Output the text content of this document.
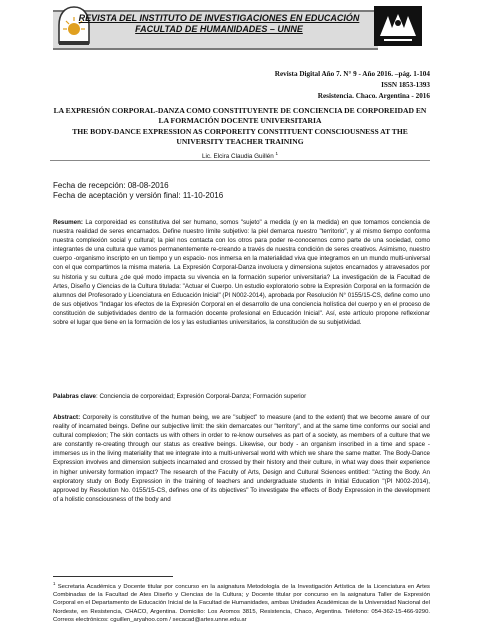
REVISTA DEL INSTITUTO DE INVESTIGACIONES EN EDUCACIÓN
FACULTAD DE HUMANIDADES – UNNE
Revista Digital Año 7. N° 9 - Año 2016. –pág. 1-104
ISSN 1853-1393
Resistencia. Chaco. Argentina - 2016
LA EXPRESIÓN CORPORAL-DANZA COMO CONSTITUYENTE DE CONCIENCIA DE CORPOREIDAD EN LA FORMACIÓN DOCENTE UNIVERSITARIA
THE BODY-DANCE EXPRESSION AS CORPOREITY CONSTITUENT CONSCIOUSNESS AT THE UNIVERSITY TEACHER TRAINING
Lic. Elcira Claudia Guillén $^1$
Fecha de recepción: 08-08-2016
Fecha de aceptación y versión final: 11-10-2016
Resumen: La corporeidad es constitutiva del ser humano, somos "sujeto" a medida (y en la medida) en que tomamos conciencia de nuestra realidad de seres encarnados. Define nuestro límite subjetivo: la piel demarca nuestro "territorio", y al mismo tiempo conforma nuestra complexión social y cultural; la piel nos contacta con los otros para poder re-conocernos como parte de una sociedad, como integrantes de una cultura que vamos permanentemente re-creando a través de nuestra condición de seres creativos. Asimismo, nuestro cuerpo -organismo inscripto en un tiempo y un espacio- nos inmersa en la materialidad viva que integramos en un mundo multi-universal con el que compartimos la misma materia. La Expresión Corporal-Danza involucra y dimensiona sujetos encarnados y atravesados por su historia y su cultura ¿de qué modo impacta su vivencia en la formación superior universitaria? La investigación de la Facultad de Artes, Diseño y Ciencias de la Cultura titulada: "Actuar el Cuerpo. Un estudio exploratorio sobre la Expresión Corporal en la formación de alumnos del Profesorado y Licenciatura en Educación Inicial" (PI N002-2014), aprobada por Resolución N° 0155/15-CS, define como uno de sus objetivos "Indagar los efectos de la Expresión Corporal en el desarrollo de una conciencia holística del cuerpo y en el proceso de constitución de subjetividades dentro de la formación docente profesional en Educación Inicial". Así, este artículo propone reflexionar sobre el lugar que tiene en la formación de los y las estudiantes universitarios, la constitución de su subjetividad.
Palabras clave: Conciencia de corporeidad; Expresión Corporal-Danza; Formación superior
Abstract: Corporeity is constitutive of the human being, we are "subject" to measure (and to the extent) that we become aware of our reality of incarnated beings. Define our subjective limit: the skin demarcates our "territory", and at the same time conforms our social and cultural complexion; The skin contacts us with others in order to re-know ourselves as part of a society, as members of a culture that we are constantly re-creating through our status as creative beings. Likewise, our body - an organism inscribed in a time and space - immerses us in the living materiality that we integrate into a multi-universal world with which we share the same matter. The Body-Dance Expression involves and dimension subjects incarnated and crossed by their history and their culture, in what way does their experience in higher university formation impact? The research of the Faculty of Arts, Design and Cultural Sciences entitled: "Acting the Body. An exploratory study on Body Expression in the training of teachers and undergraduate students in Initial Education "(PI N002-2014), approved by Resolution No. 0155/15-CS, defines one of its objectives" To investigate the effects of Body Expression in the development of a holistic consciousness of the body and
$^1$ Secretaria Académica y Docente titular por concurso en la asignatura Metodología de la Investigación Artística de la Licenciatura en Artes Combinadas de la Facultad de Ates Diseño y Ciencias de la Cultura; y Docente titular por concurso en la asignatura Taller de Expresión Corporal en el Departamento de Educación Inicial de la Facultad de Humanidades, ambas Unidades Académicas de la Universidad Nacional del Nordeste, en Resistencia, CHACO, Argentina. Domicilio: Los Aromos 3815, Resistencia, Chaco, Argentina. Teléfono: 054-362-15-466-9290. Correos electrónicos: cguillen_aryahoo.com / secacad@artes.unne.edu.ar
